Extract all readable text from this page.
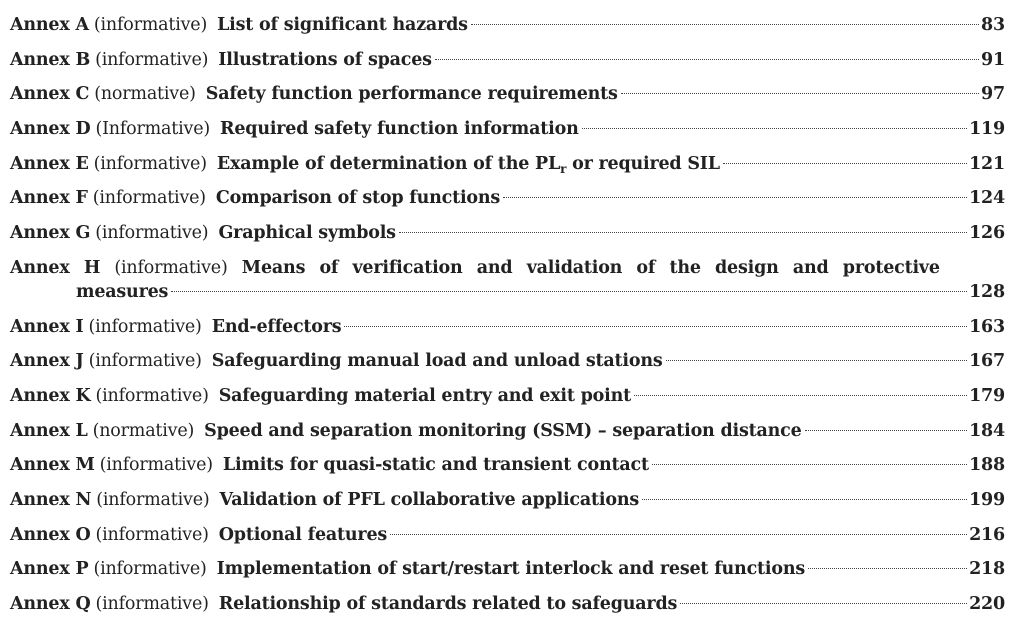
Annex A (informative) List of significant hazards	83
Annex B (informative) Illustrations of spaces	91
Annex C (normative) Safety function performance requirements	97
Annex D (Informative) Required safety function information	119
Annex E (informative) Example of determination of the $PL_r$ or required SIL	121
Annex F (informative) Comparison of stop functions	124
Annex G (informative) Graphical symbols	126
Annex H (informative) Means of verification and validation of the design and protective
measures	128
Annex I (informative) End-effectors	163
Annex J (informative) Safeguarding manual load and unload stations	167
Annex K (informative) Safeguarding material entry and exit point	179
Annex L (normative) Speed and separation monitoring (SSM) – separation distance	184
Annex M (informative) Limits for quasi-static and transient contact	188
Annex N (informative) Validation of PFL collaborative applications	199
Annex O (informative) Optional features	216
Annex P (informative) Implementation of start/restart interlock and reset functions	218
Annex Q (informative) Relationship of standards related to safeguards	220
